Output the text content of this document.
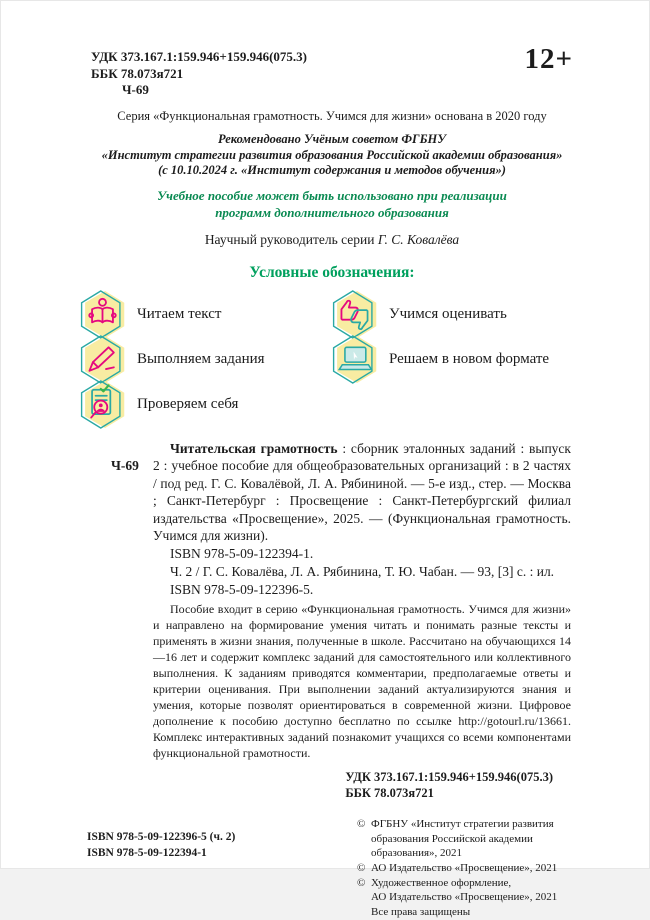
УДК 373.167.1:159.946+159.946(075.3)
ББК 78.073я721
Ч-69
12+
Серия «Функциональная грамотность. Учимся для жизни» основана в 2020 году
Рекомендовано Учёным советом ФГБНУ
«Институт стратегии развития образования Российской академии образования»
(с 10.10.2024 г. «Институт содержания и методов обучения»)
Учебное пособие может быть использовано при реализации
программ дополнительного образования
Научный руководитель серии Г. С. Ковалёва
Условные обозначения:
Читаем текст
Выполняем задания
Проверяем себя
Учимся оценивать
Решаем в новом формате
Ч-69
Читательская грамотность : сборник эталонных заданий : выпуск 2 : учебное пособие для общеобразовательных организаций : в 2 частях / под ред. Г. С. Ковалёвой, Л. А. Рябининой. — 5-е изд., стер. — Москва ; Санкт-Петербург : Просвещение : Санкт-Петербургский филиал издательства «Просвещение», 2025. — (Функциональная грамотность. Учимся для жизни).
ISBN 978-5-09-122394-1.
Ч. 2 / Г. С. Ковалёва, Л. А. Рябинина, Т. Ю. Чабан. — 93, [3] с. : ил.
ISBN 978-5-09-122396-5.
Пособие входит в серию «Функциональная грамотность. Учимся для жизни» и направлено на формирование умения читать и понимать разные тексты и применять в жизни знания, полученные в школе. Рассчитано на обучающихся 14—16 лет и содержит комплекс заданий для самостоятельного или коллективного выполнения. К заданиям приводятся комментарии, предполагаемые ответы и критерии оценивания. При выполнении заданий актуализируются знания и умения, которые позволят ориентироваться в современной жизни. Цифровое дополнение к пособию доступно бесплатно по ссылке http://gotourl.ru/13661. Комплекс интерактивных заданий познакомит учащихся со всеми компонентами функциональной грамотности.
УДК 373.167.1:159.946+159.946(075.3)
ББК 78.073я721
ISBN 978-5-09-122396-5 (ч. 2)
ISBN 978-5-09-122394-1
© ФГБНУ «Институт стратегии развития
образования Российской академии
образования», 2021
© АО Издательство «Просвещение», 2021
© Художественное оформление,
АО Издательство «Просвещение», 2021
Все права защищены
